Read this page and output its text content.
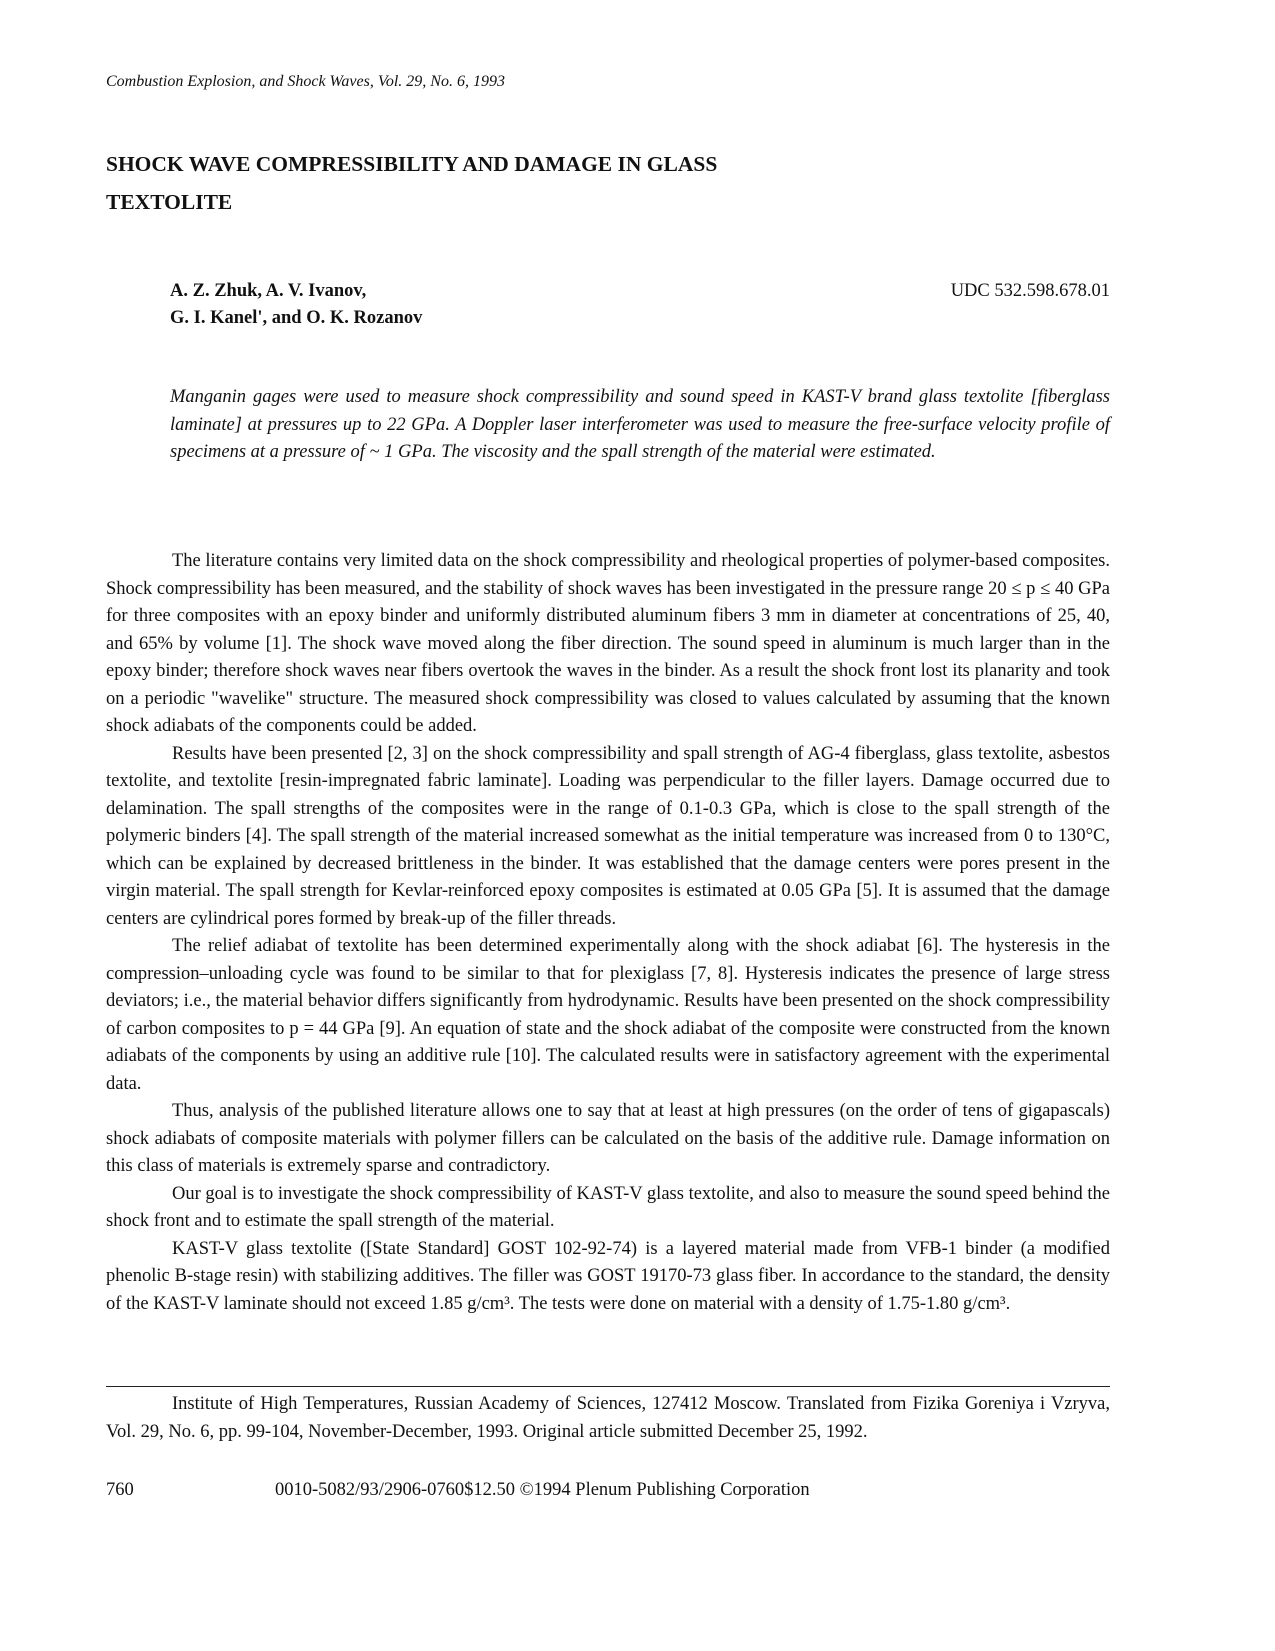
Combustion Explosion, and Shock Waves, Vol. 29, No. 6, 1993
SHOCK WAVE COMPRESSIBILITY AND DAMAGE IN GLASS
TEXTOLITE
A. Z. Zhuk, A. V. Ivanov,
G. I. Kanel', and O. K. Rozanov
UDC 532.598.678.01

Manganin gages were used to measure shock compressibility and sound speed in KAST-V brand glass textolite [fiberglass laminate] at pressures up to 22 GPa. A Doppler laser interferometer was used to measure the free-surface velocity profile of specimens at a pressure of ~ 1 GPa. The viscosity and the spall strength of the material were estimated.

The literature contains very limited data on the shock compressibility and rheological properties of polymer-based composites. Shock compressibility has been measured, and the stability of shock waves has been investigated in the pressure range 20 ≤ p ≤ 40 GPa for three composites with an epoxy binder and uniformly distributed aluminum fibers 3 mm in diameter at concentrations of 25, 40, and 65% by volume [1]. The shock wave moved along the fiber direction. The sound speed in aluminum is much larger than in the epoxy binder; therefore shock waves near fibers overtook the waves in the binder. As a result the shock front lost its planarity and took on a periodic "wavelike" structure. The measured shock compressibility was closed to values calculated by assuming that the known shock adiabats of the components could be added.

Results have been presented [2, 3] on the shock compressibility and spall strength of AG-4 fiberglass, glass textolite, asbestos textolite, and textolite [resin-impregnated fabric laminate]. Loading was perpendicular to the filler layers. Damage occurred due to delamination. The spall strengths of the composites were in the range of 0.1-0.3 GPa, which is close to the spall strength of the polymeric binders [4]. The spall strength of the material increased somewhat as the initial temperature was increased from 0 to 130°C, which can be explained by decreased brittleness in the binder. It was established that the damage centers were pores present in the virgin material. The spall strength for Kevlar-reinforced epoxy composites is estimated at 0.05 GPa [5]. It is assumed that the damage centers are cylindrical pores formed by break-up of the filler threads.

The relief adiabat of textolite has been determined experimentally along with the shock adiabat [6]. The hysteresis in the compression–unloading cycle was found to be similar to that for plexiglass [7, 8]. Hysteresis indicates the presence of large stress deviators; i.e., the material behavior differs significantly from hydrodynamic. Results have been presented on the shock compressibility of carbon composites to p = 44 GPa [9]. An equation of state and the shock adiabat of the composite were constructed from the known adiabats of the components by using an additive rule [10]. The calculated results were in satisfactory agreement with the experimental data.

Thus, analysis of the published literature allows one to say that at least at high pressures (on the order of tens of gigapascals) shock adiabats of composite materials with polymer fillers can be calculated on the basis of the additive rule. Damage information on this class of materials is extremely sparse and contradictory.

Our goal is to investigate the shock compressibility of KAST-V glass textolite, and also to measure the sound speed behind the shock front and to estimate the spall strength of the material.

KAST-V glass textolite ([State Standard] GOST 102-92-74) is a layered material made from VFB-1 binder (a modified phenolic B-stage resin) with stabilizing additives. The filler was GOST 19170-73 glass fiber. In accordance to the standard, the density of the KAST-V laminate should not exceed 1.85 g/cm³. The tests were done on material with a density of 1.75-1.80 g/cm³.

Institute of High Temperatures, Russian Academy of Sciences, 127412 Moscow. Translated from Fizika Goreniya i Vzryva, Vol. 29, No. 6, pp. 99-104, November-December, 1993. Original article submitted December 25, 1992.

760	0010-5082/93/2906-0760$12.50 ©1994 Plenum Publishing Corporation
